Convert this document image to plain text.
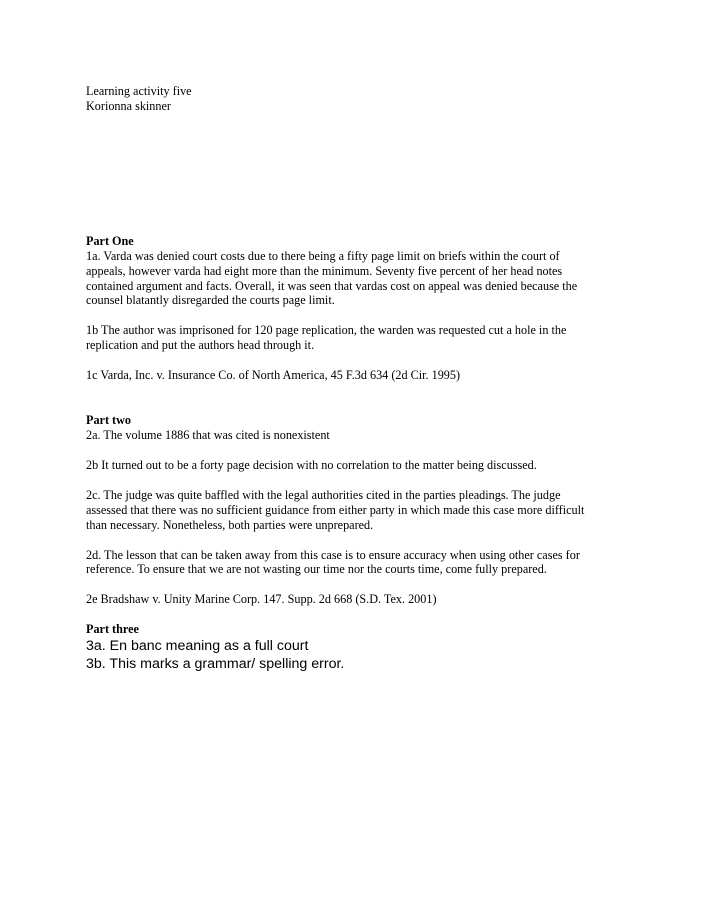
Learning activity five
Korionna skinner
Part One
1a. Varda was denied court costs due to there being a fifty page limit on briefs within the court of
appeals, however varda had eight more than the minimum. Seventy five percent of her head notes
contained argument and facts. Overall, it was seen that vardas cost on appeal was denied because the
counsel blatantly disregarded the courts page limit.
1b The author was imprisoned for 120 page replication, the warden was requested cut a hole in the
replication and put the authors head through it.
1c Varda, Inc. v. Insurance Co. of North America, 45 F.3d 634 (2d Cir. 1995)
Part two
2a. The volume 1886 that was cited is nonexistent
2b It turned out to be a forty page decision with no correlation to the matter being discussed.
2c. The judge was quite baffled with the legal authorities cited in the parties pleadings. The judge
assessed that there was no sufficient guidance from either party in which made this case more difficult
than necessary. Nonetheless, both parties were unprepared.
2d. The lesson that can be taken away from this case is to ensure accuracy when using other cases for
reference. To ensure that we are not wasting our time nor the courts time, come fully prepared.
2e Bradshaw v. Unity Marine Corp. 147. Supp. 2d 668 (S.D. Tex. 2001)
Part three
3a. En banc meaning as a full court
3b. This marks a grammar/ spelling error.
